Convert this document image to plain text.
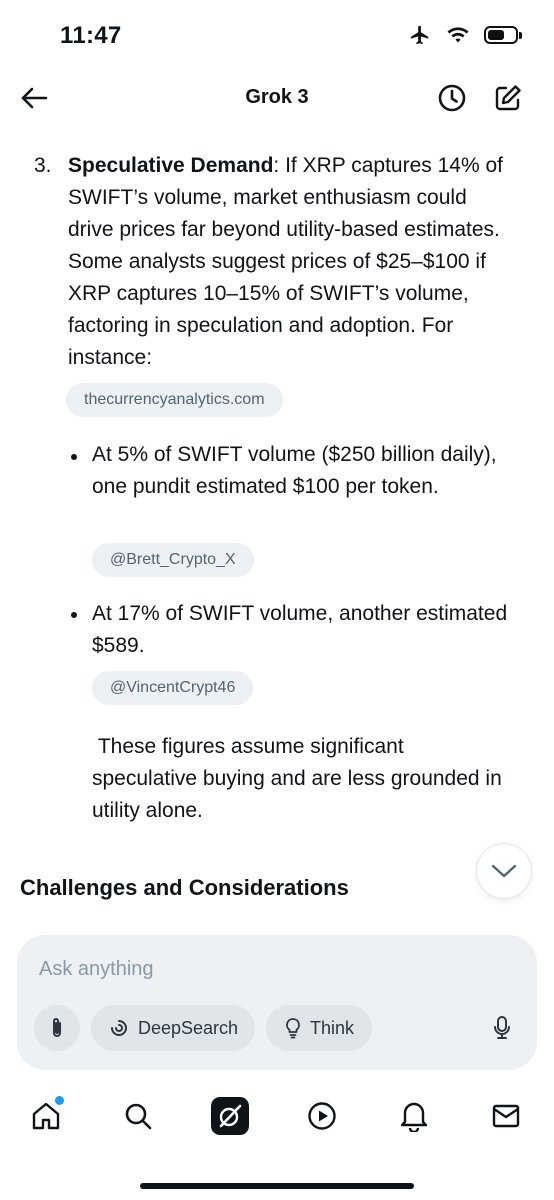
11:47
Grok 3
3. Speculative Demand: If XRP captures 14% of SWIFT’s volume, market enthusiasm could drive prices far beyond utility-based estimates. Some analysts suggest prices of $25–$100 if XRP captures 10–15% of SWIFT’s volume, factoring in speculation and adoption. For instance:
thecurrencyanalytics.com
At 5% of SWIFT volume ($250 billion daily), one pundit estimated $100 per token.
@Brett_Crypto_X
At 17% of SWIFT volume, another estimated $589.
@VincentCrypt46
These figures assume significant speculative buying and are less grounded in utility alone.
Challenges and Considerations
Ask anything
DeepSearch	Think
